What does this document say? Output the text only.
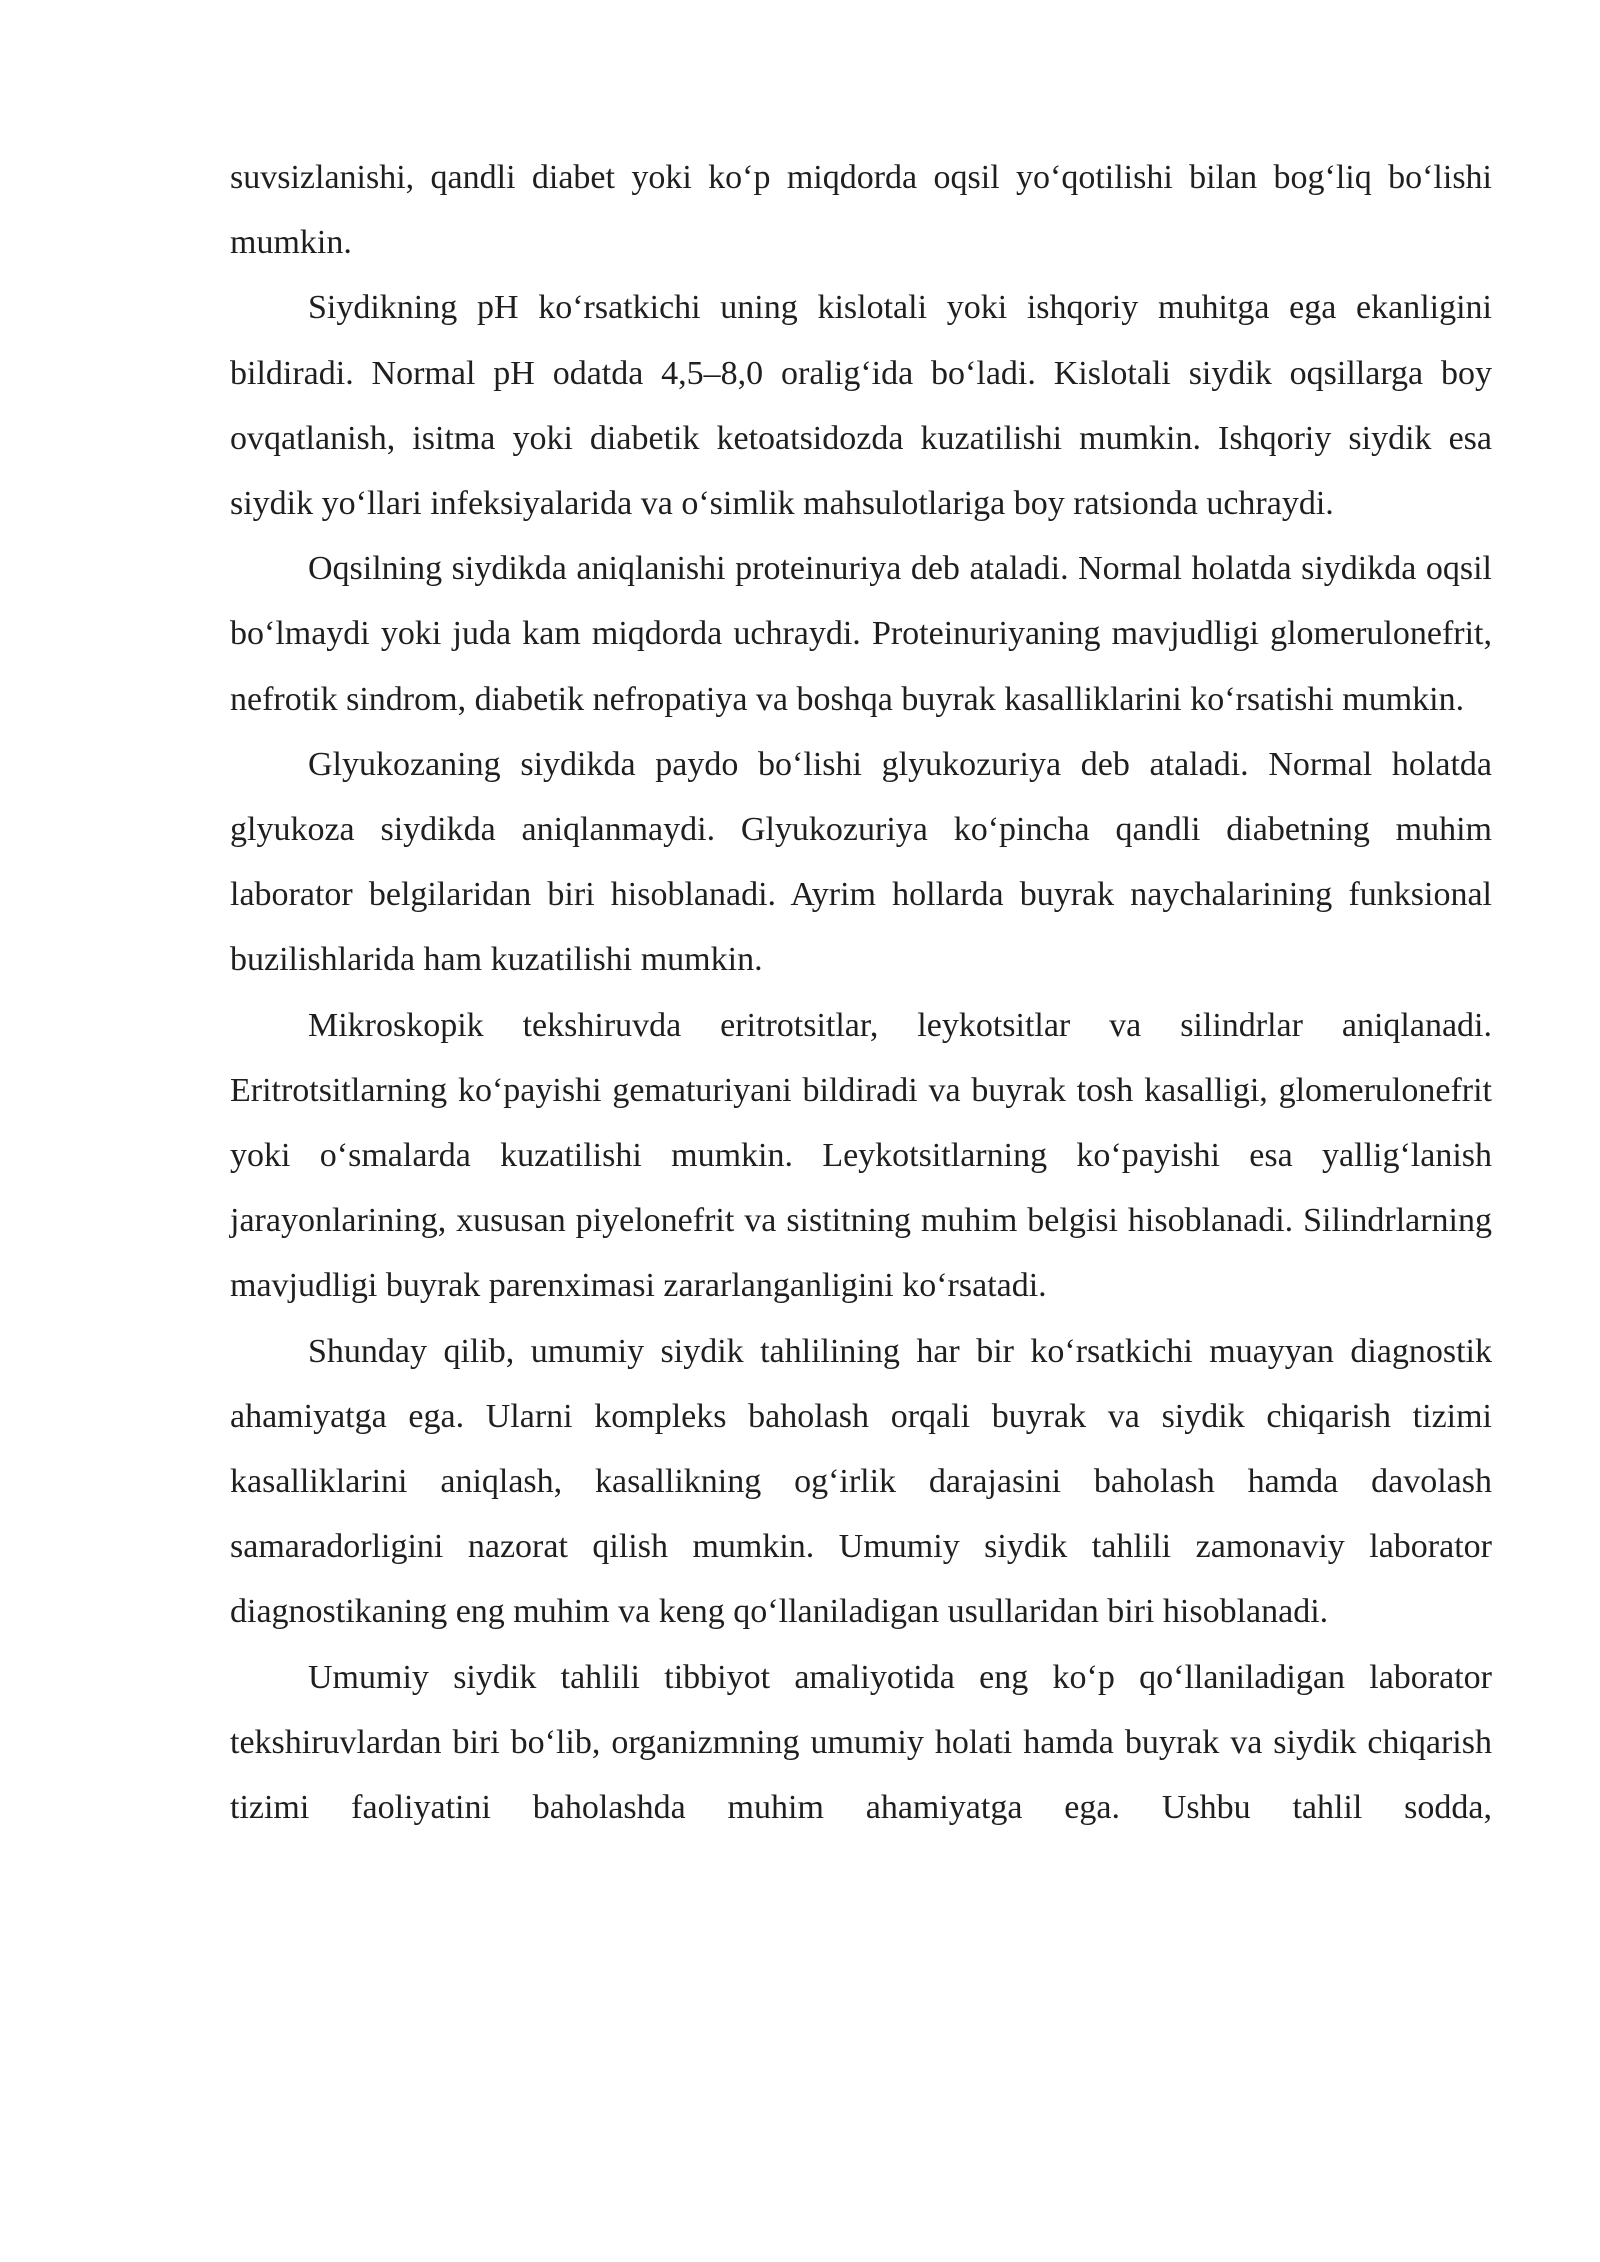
suvsizlanishi, qandli diabet yoki koʻp miqdorda oqsil yoʻqotilishi bilan bogʻliq boʻlishi mumkin.

Siydikning pH koʻrsatkichi uning kislotali yoki ishqoriy muhitga ega ekanligini bildiradi. Normal pH odatda 4,5–8,0 oraligʻida boʻladi. Kislotali siydik oqsillarga boy ovqatlanish, isitma yoki diabetik ketoatsidozda kuzatilishi mumkin. Ishqoriy siydik esa siydik yoʻllari infeksiyalarida va oʻsimlik mahsulotlariga boy ratsionda uchraydi.

Oqsilning siydikda aniqlanishi proteinuriya deb ataladi. Normal holatda siydikda oqsil boʻlmaydi yoki juda kam miqdorda uchraydi. Proteinuriyaning mavjudligi glomerulonefrit, nefrotik sindrom, diabetik nefropatiya va boshqa buyrak kasalliklarini koʻrsatishi mumkin.

Glyukozaning siydikda paydo boʻlishi glyukozuriya deb ataladi. Normal holatda glyukoza siydikda aniqlanmaydi. Glyukozuriya koʻpincha qandli diabetning muhim laborator belgilaridan biri hisoblanadi. Ayrim hollarda buyrak naychalarining funksional buzilishlarida ham kuzatilishi mumkin.

Mikroskopik tekshiruvda eritrotsitlar, leykotsitlar va silindrlar aniqlanadi. Eritrotsitlarning koʻpayishi gematuriyani bildiradi va buyrak tosh kasalligi, glomerulonefrit yoki oʻsmalarda kuzatilishi mumkin. Leykotsitlarning koʻpayishi esa yalligʻlanish jarayonlarining, xususan piyelonefrit va sistitning muhim belgisi hisoblanadi. Silindrlarning mavjudligi buyrak parenximasi zararlanganligini koʻrsatadi.

Shunday qilib, umumiy siydik tahlilining har bir koʻrsatkichi muayyan diagnostik ahamiyatga ega. Ularni kompleks baholash orqali buyrak va siydik chiqarish tizimi kasalliklarini aniqlash, kasallikning ogʻirlik darajasini baholash hamda davolash samaradorligini nazorat qilish mumkin. Umumiy siydik tahlili zamonaviy laborator diagnostikaning eng muhim va keng qoʻllaniladigan usullaridan biri hisoblanadi.

Umumiy siydik tahlili tibbiyot amaliyotida eng koʻp qoʻllaniladigan laborator tekshiruvlardan biri boʻlib, organizmning umumiy holati hamda buyrak va siydik chiqarish tizimi faoliyatini baholashda muhim ahamiyatga ega. Ushbu tahlil sodda,
